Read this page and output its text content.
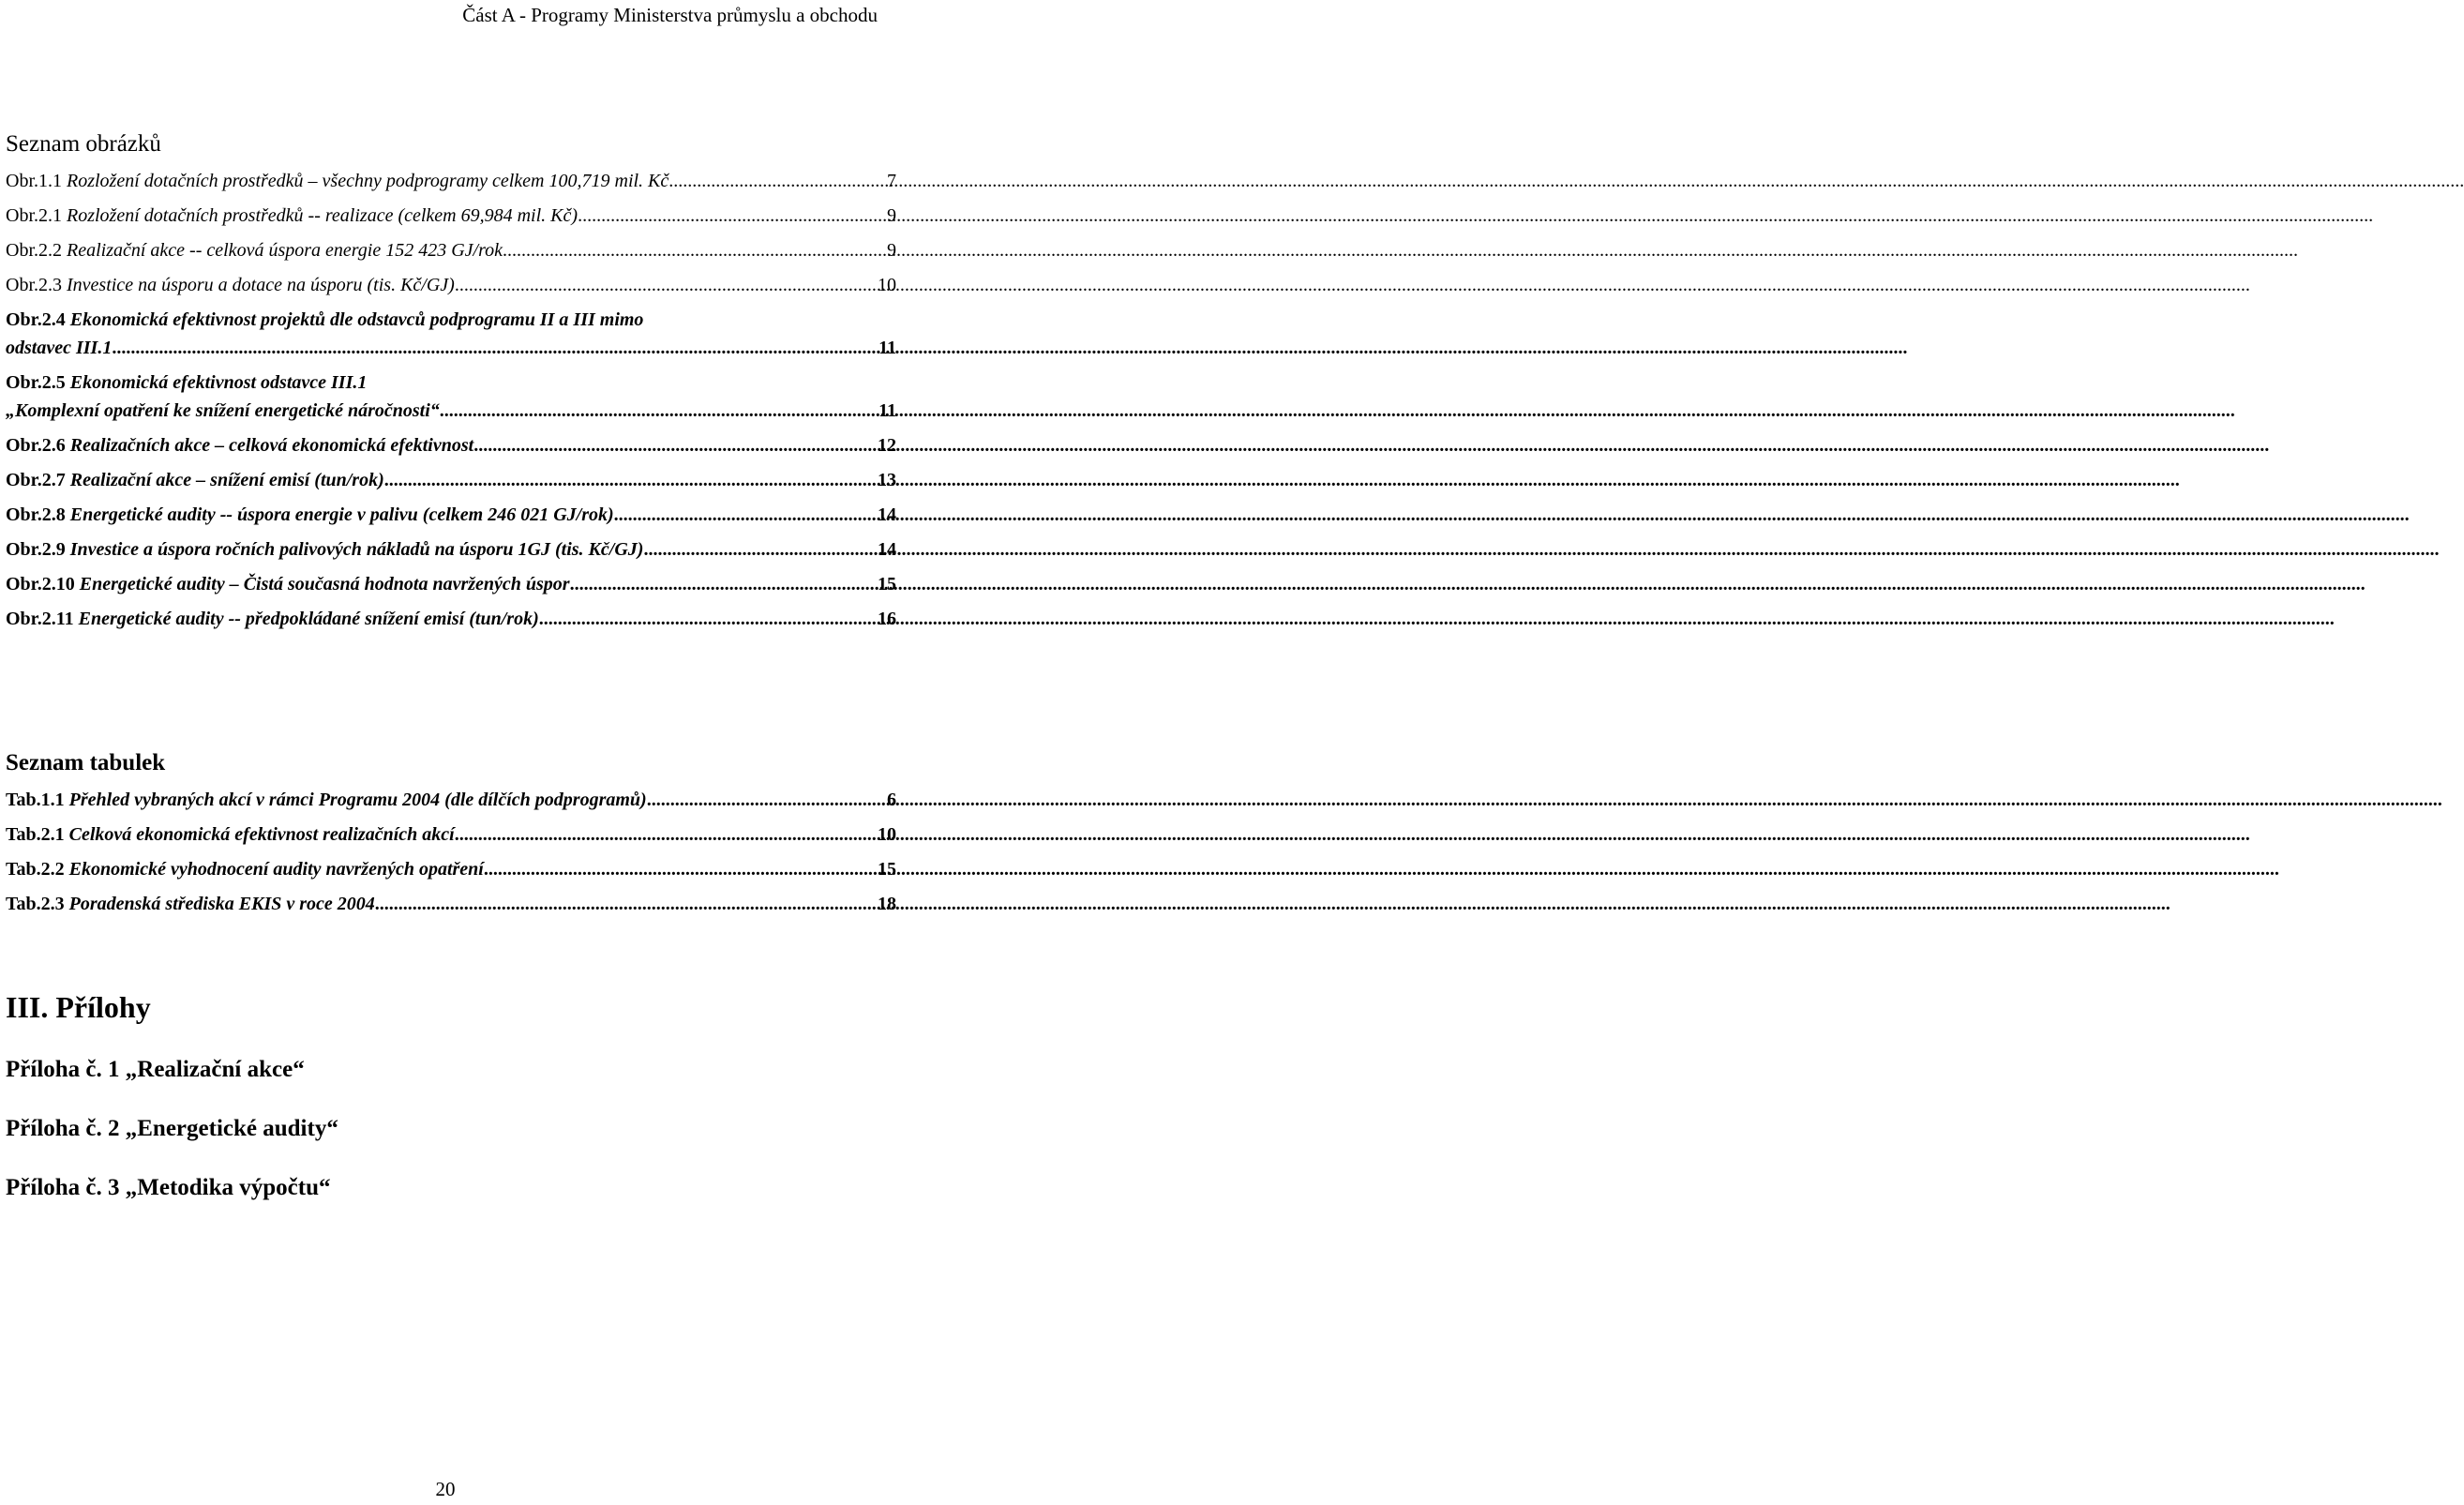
Část A - Programy Ministerstva průmyslu a obchodu
Seznam obrázků
Obr.1.1 Rozložení dotačních prostředků – všechny podprogramy celkem 100,719 mil. Kč .....	7
Obr.2.1 Rozložení dotačních prostředků -- realizace (celkem 69,984 mil. Kč) .....	9
Obr.2.2 Realizační akce -- celková úspora energie 152 423 GJ/rok .....	9
Obr.2.3 Investice na úsporu a dotace na úsporu (tis. Kč/GJ) .....	10
Obr.2.4 Ekonomická efektivnost projektů dle odstavců podprogramu II a III mimo
odstavec III.1 .....	11
Obr.2.5 Ekonomická efektivnost odstavce III.1
„Komplexní opatření ke snížení energetické náročnosti“ .....	11
Obr.2.6 Realizačních akce – celková ekonomická efektivnost .....	12
Obr.2.7 Realizační akce – snížení emisí (tun/rok) .....	13
Obr.2.8 Energetické audity -- úspora energie v palivu (celkem 246 021 GJ/rok) .....	14
Obr.2.9 Investice a úspora ročních palivových nákladů na úsporu 1GJ (tis. Kč/GJ) .....	14
Obr.2.10 Energetické audity – Čistá současná hodnota navržených úspor .....	15
Obr.2.11 Energetické audity -- předpokládané snížení emisí (tun/rok) .....	16
Seznam tabulek
Tab.1.1 Přehled vybraných akcí v rámci Programu 2004 (dle dílčích podprogramů) .....	6
Tab.2.1 Celková ekonomická efektivnost realizačních akcí .....	10
Tab.2.2 Ekonomické vyhodnocení audity navržených opatření .....	15
Tab.2.3 Poradenská střediska EKIS v roce 2004 .....	18
III. Přílohy
Příloha č. 1 „Realizační akce“
Příloha č. 2 „Energetické audity“
Příloha č. 3 „Metodika výpočtu“
20
